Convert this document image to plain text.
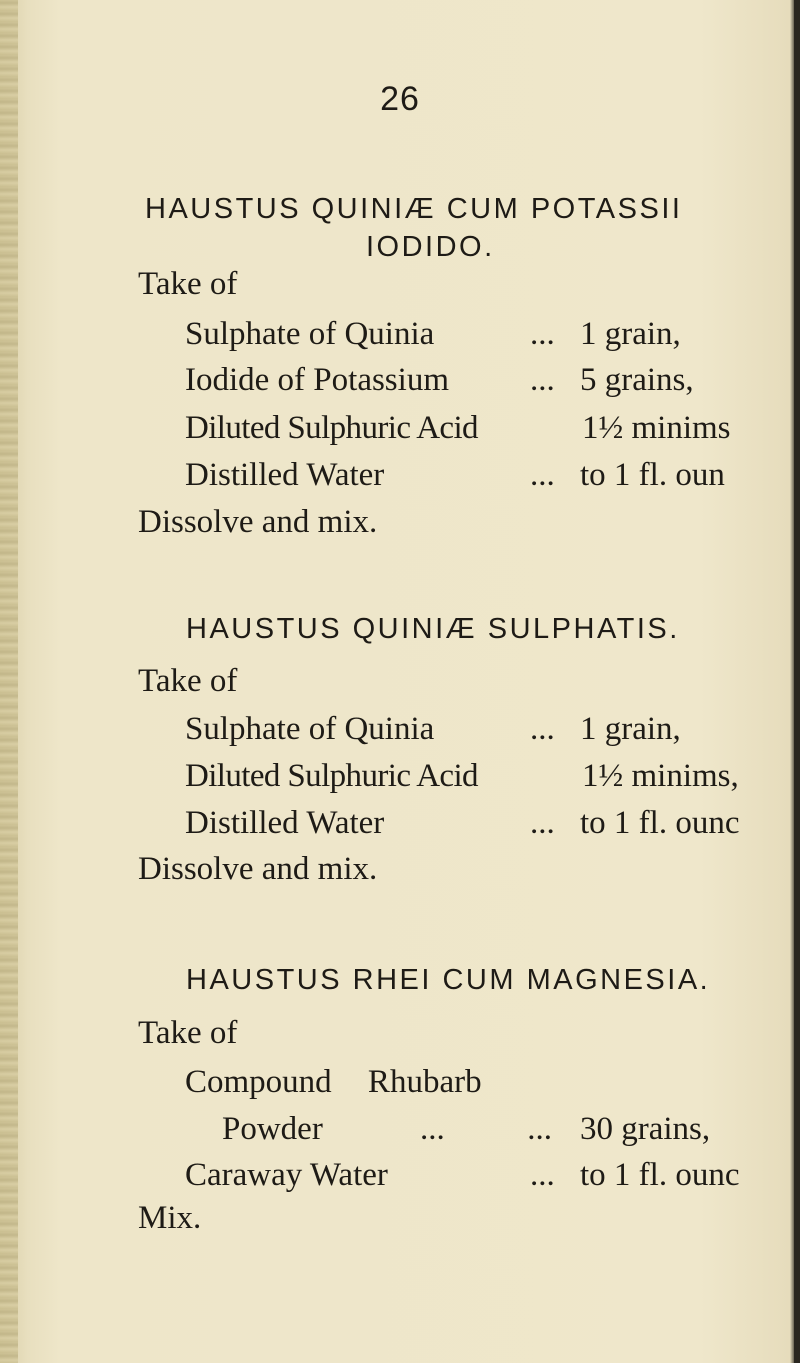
26
HAUSTUS QUINIÆ CUM POTASSII
IODIDO.
Take of
Sulphate of Quinia	... 1 grain,
Iodide of Potassium ... 5 grains,
Diluted Sulphuric Acid	1½ minims
Distilled Water	... to 1 fl. oun
Dissolve and mix.
HAUSTUS QUINIÆ SULPHATIS.
Take of
Sulphate of Quinia	... 1 grain,
Diluted Sulphuric Acid	1½ minims,
Distilled Water	... to 1 fl. ounc
Dissolve and mix.
HAUSTUS RHEI CUM MAGNESIA.
Take of
Compound Rhubarb
Powder	...          ... 30 grains,
Caraway Water	... to 1 fl. ounc
Mix.
